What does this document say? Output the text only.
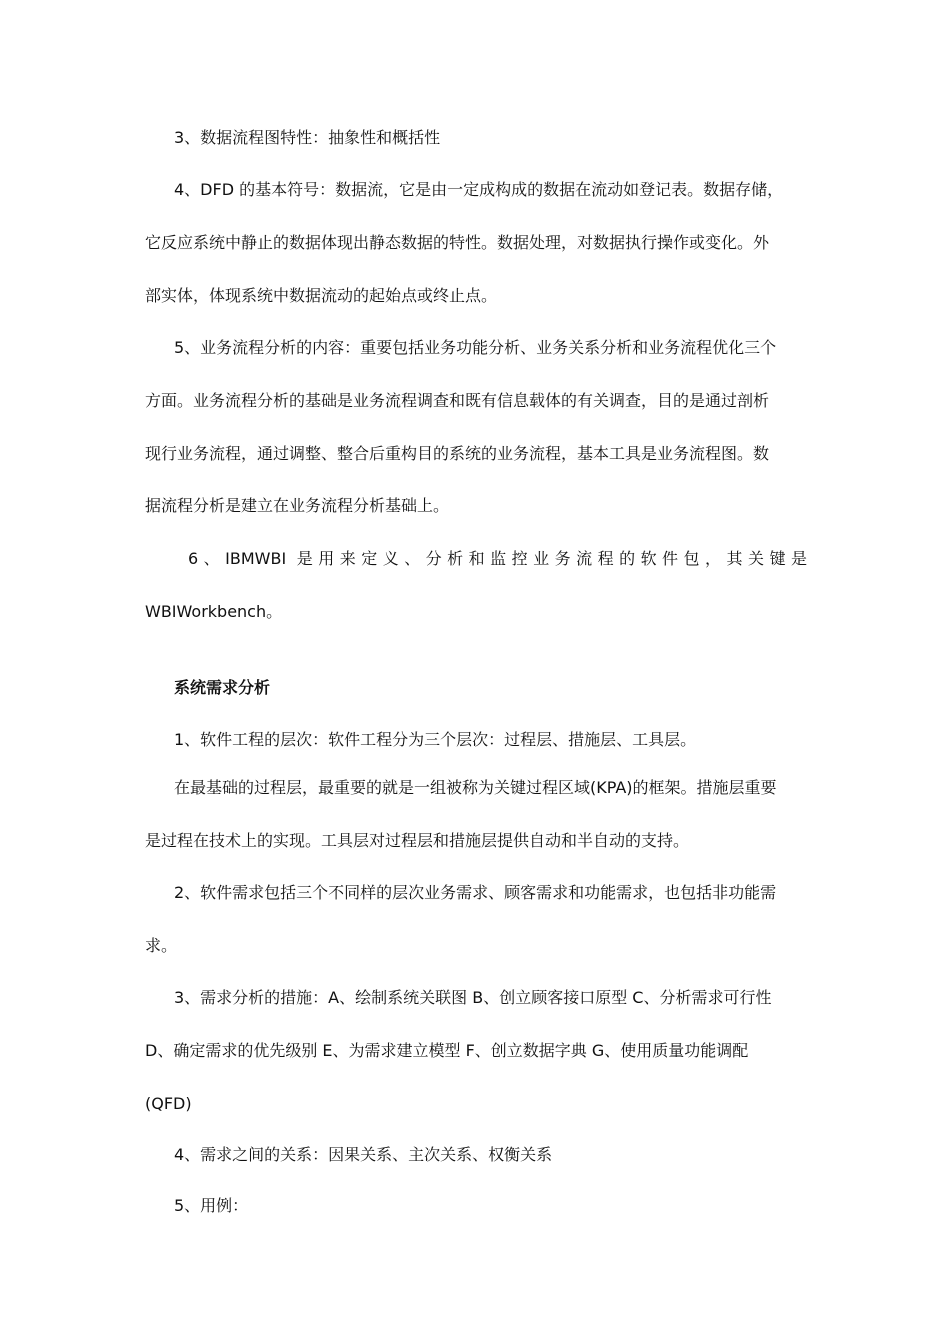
3、数据流程图特性：抽象性和概括性
4、DFD 的基本符号：数据流，它是由一定成构成的数据在流动如登记表。数据存储，
它反应系统中静止的数据体现出静态数据的特性。数据处理，对数据执行操作或变化。外
部实体，体现系统中数据流动的起始点或终止点。
5、业务流程分析的内容：重要包括业务功能分析、业务关系分析和业务流程优化三个
方面。业务流程分析的基础是业务流程调查和既有信息载体的有关调查，目的是通过剖析
现行业务流程，通过调整、整合后重构目的系统的业务流程，基本工具是业务流程图。数
据流程分析是建立在业务流程分析基础上。
6、IBMWBI 是用来定义、分析和监控业务流程的软件包，其关键是
WBIWorkbench。
系统需求分析
1、软件工程的层次：软件工程分为三个层次：过程层、措施层、工具层。
在最基础的过程层，最重要的就是一组被称为关键过程区域(KPA)的框架。措施层重要
是过程在技术上的实现。工具层对过程层和措施层提供自动和半自动的支持。
2、软件需求包括三个不同样的层次业务需求、顾客需求和功能需求，也包括非功能需
求。
3、需求分析的措施：A、绘制系统关联图 B、创立顾客接口原型 C、分析需求可行性
D、确定需求的优先级别 E、为需求建立模型 F、创立数据字典 G、使用质量功能调配
(QFD)
4、需求之间的关系：因果关系、主次关系、权衡关系
5、用例：
